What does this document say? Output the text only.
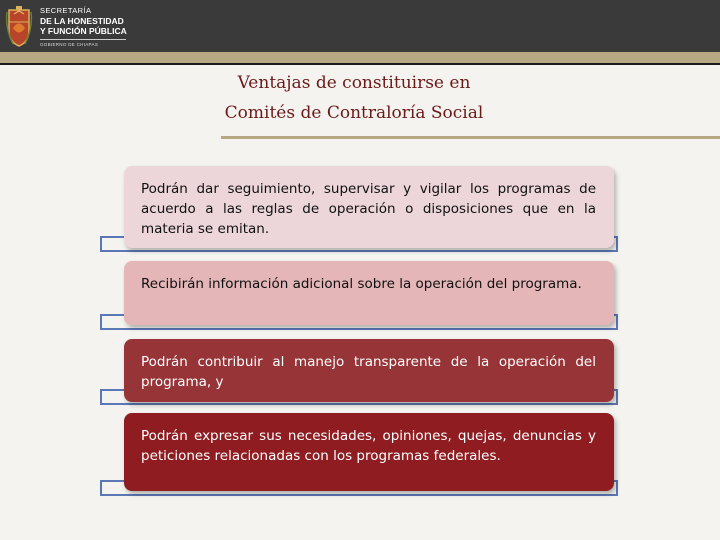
SECRETARÍA
DE LA HONESTIDAD
Y FUNCIÓN PÚBLICA
GOBIERNO DE CHIAPAS
Ventajas de constituirse en
Comités de Contraloría Social
Podrán dar seguimiento, supervisar y vigilar los programas de acuerdo a las reglas de operación o disposiciones que en la materia se emitan.
Recibirán información adicional sobre la operación del programa.
Podrán contribuir al manejo transparente de la operación del programa, y
Podrán expresar sus necesidades, opiniones, quejas, denuncias y peticiones relacionadas con los programas federales.
